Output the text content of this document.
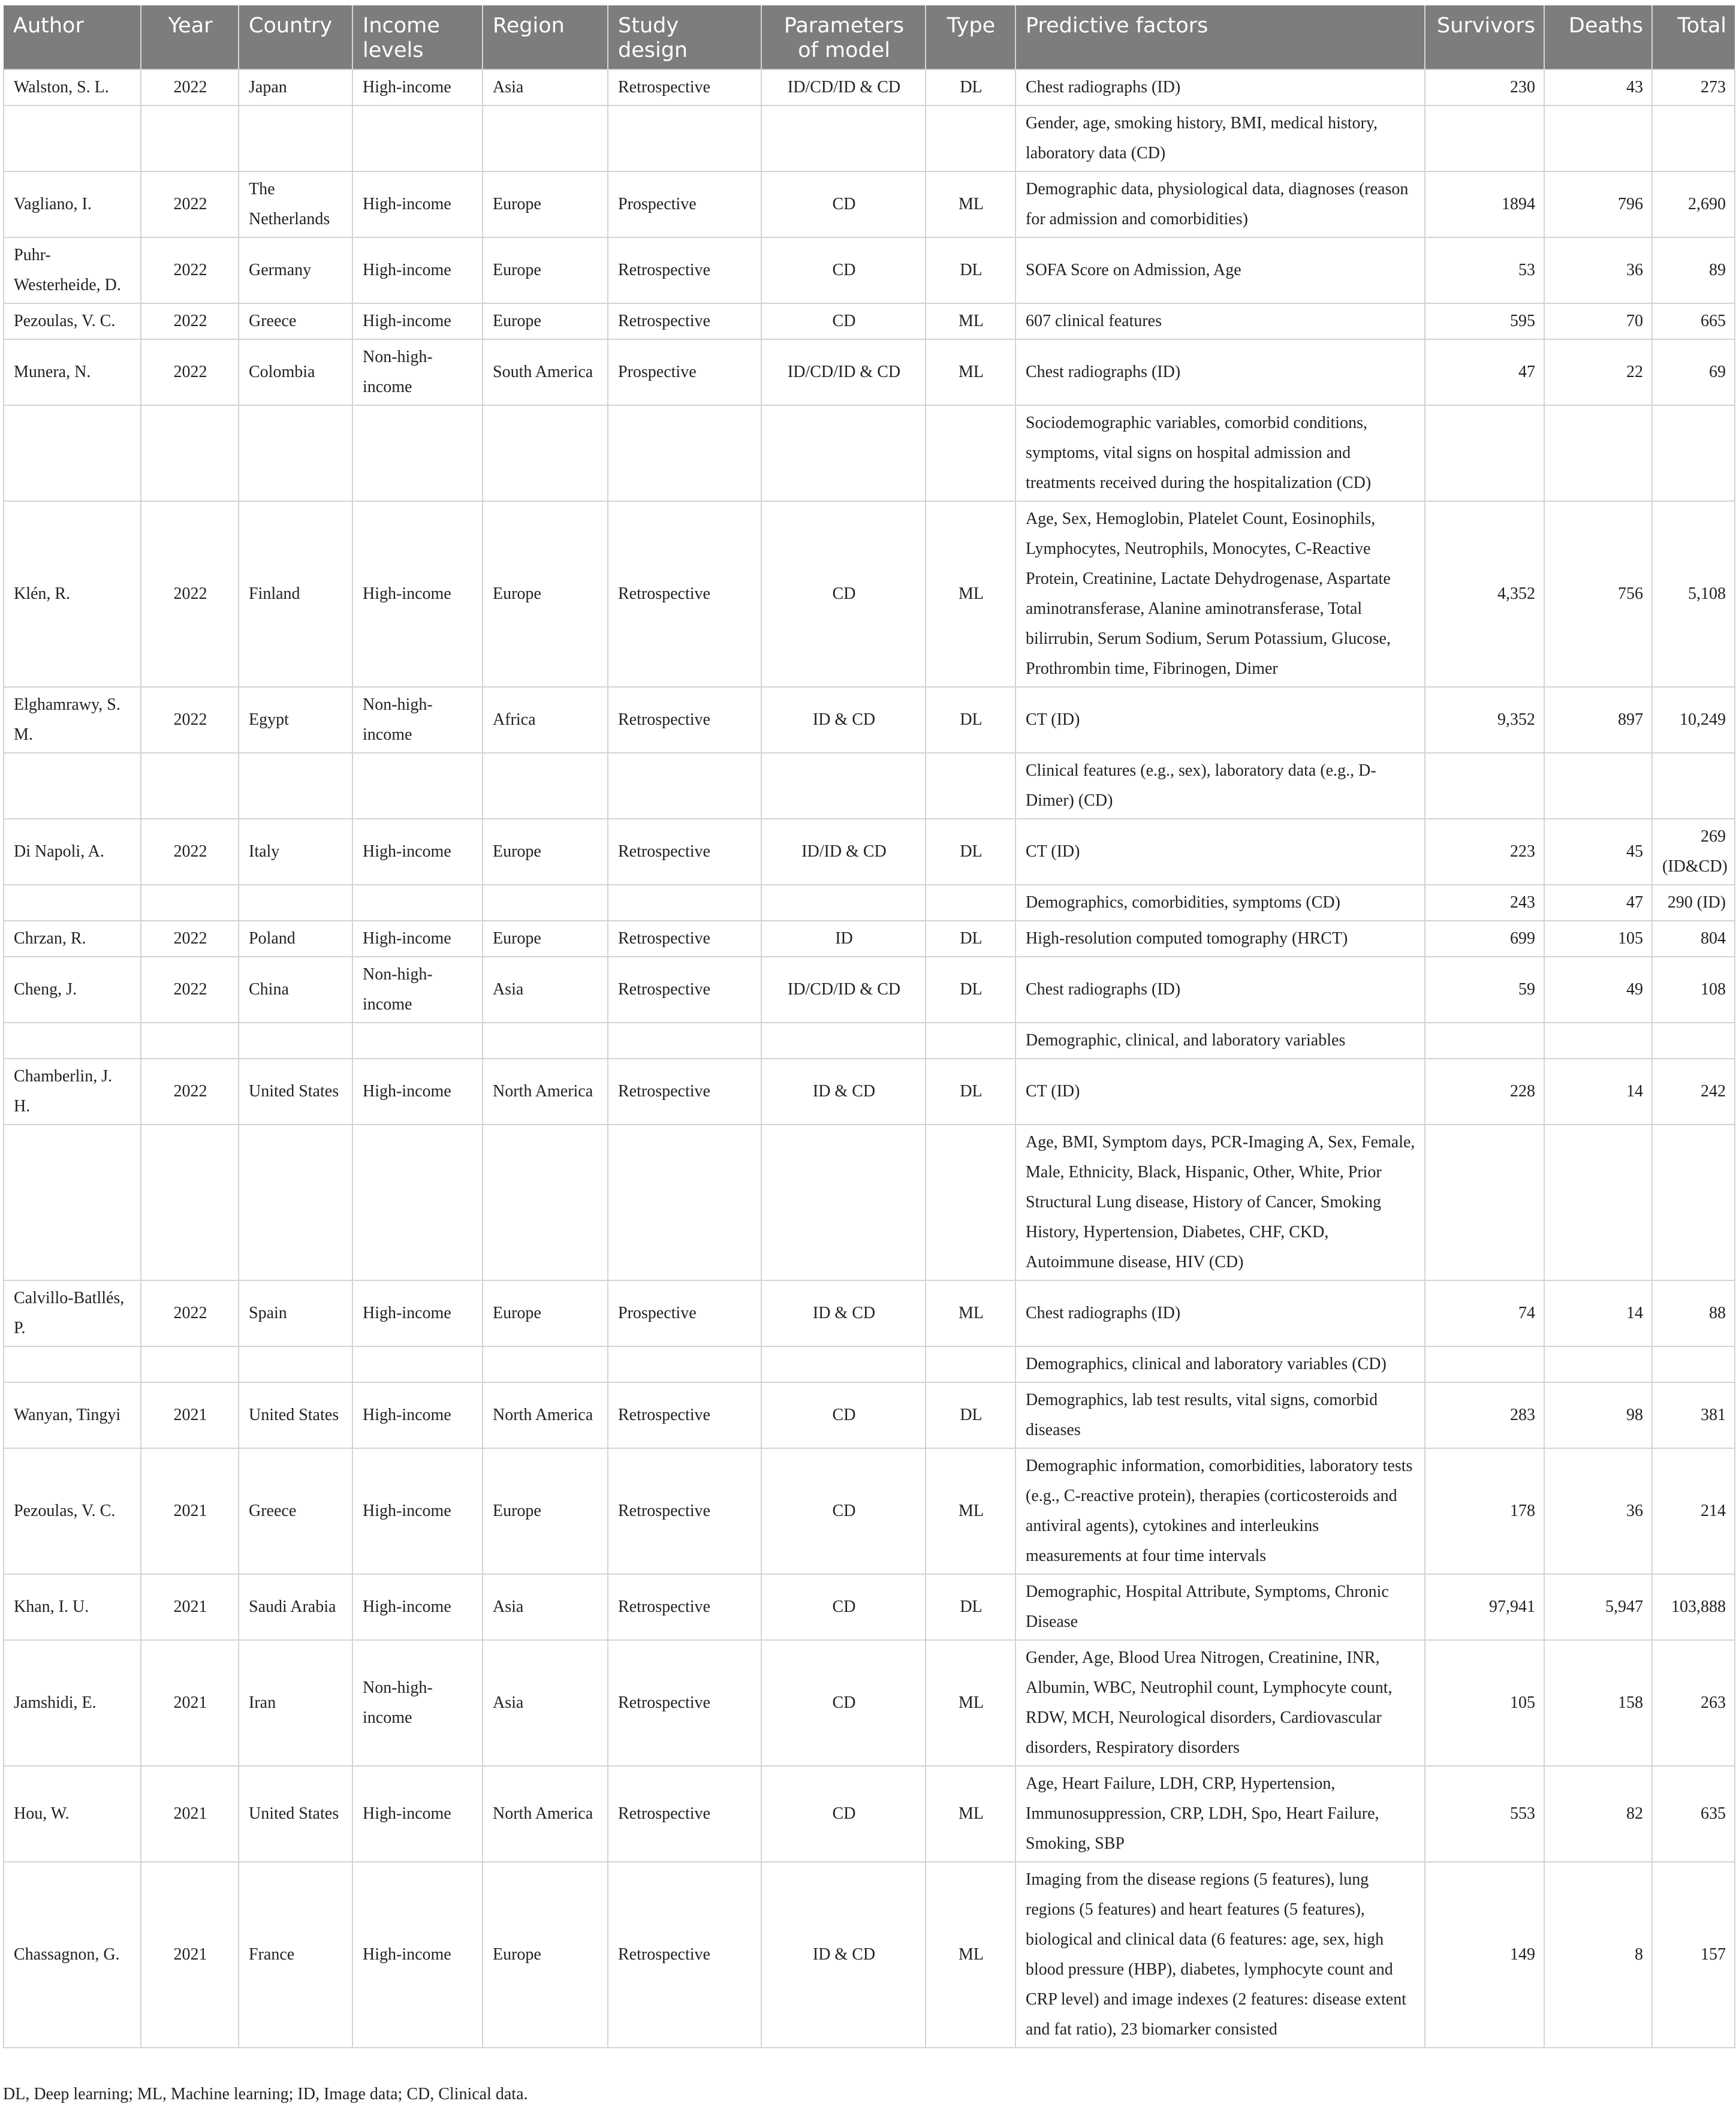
Author	Year	Country	Income levels	Region	Study design	Parameters of model	Type	Predictive factors	Survivors	Deaths	Total
Walston, S. L.	2022	Japan	High-income	Asia	Retrospective	ID/CD/ID & CD	DL	Chest radiographs (ID)	230	43	273
								Gender, age, smoking history, BMI, medical history, laboratory data (CD)			
Vagliano, I.	2022	The Netherlands	High-income	Europe	Prospective	CD	ML	Demographic data, physiological data, diagnoses (reason for admission and comorbidities)	1894	796	2,690
Puhr-Westerheide, D.	2022	Germany	High-income	Europe	Retrospective	CD	DL	SOFA Score on Admission, Age	53	36	89
Pezoulas, V. C.	2022	Greece	High-income	Europe	Retrospective	CD	ML	607 clinical features	595	70	665
Munera, N.	2022	Colombia	Non-high-income	South America	Prospective	ID/CD/ID & CD	ML	Chest radiographs (ID)	47	22	69
								Sociodemographic variables, comorbid conditions, symptoms, vital signs on hospital admission and treatments received during the hospitalization (CD)			
Klén, R.	2022	Finland	High-income	Europe	Retrospective	CD	ML	Age, Sex, Hemoglobin, Platelet Count, Eosinophils, Lymphocytes, Neutrophils, Monocytes, C-Reactive Protein, Creatinine, Lactate Dehydrogenase, Aspartate aminotransferase, Alanine aminotransferase, Total bilirrubin, Serum Sodium, Serum Potassium, Glucose, Prothrombin time, Fibrinogen, Dimer	4,352	756	5,108
Elghamrawy, S. M.	2022	Egypt	Non-high-income	Africa	Retrospective	ID & CD	DL	CT (ID)	9,352	897	10,249
								Clinical features (e.g., sex), laboratory data (e.g., D-Dimer) (CD)			
Di Napoli, A.	2022	Italy	High-income	Europe	Retrospective	ID/ID & CD	DL	CT (ID)	223	45	269 (ID&CD)
								Demographics, comorbidities, symptoms (CD)	243	47	290 (ID)
Chrzan, R.	2022	Poland	High-income	Europe	Retrospective	ID	DL	High-resolution computed tomography (HRCT)	699	105	804
Cheng, J.	2022	China	Non-high-income	Asia	Retrospective	ID/CD/ID & CD	DL	Chest radiographs (ID)	59	49	108
								Demographic, clinical, and laboratory variables			
Chamberlin, J. H.	2022	United States	High-income	North America	Retrospective	ID & CD	DL	CT (ID)	228	14	242
								Age, BMI, Symptom days, PCR-Imaging A, Sex, Female, Male, Ethnicity, Black, Hispanic, Other, White, Prior Structural Lung disease, History of Cancer, Smoking History, Hypertension, Diabetes, CHF, CKD, Autoimmune disease, HIV (CD)			
Calvillo-Batllés, P.	2022	Spain	High-income	Europe	Prospective	ID & CD	ML	Chest radiographs (ID)	74	14	88
								Demographics, clinical and laboratory variables (CD)			
Wanyan, Tingyi	2021	United States	High-income	North America	Retrospective	CD	DL	Demographics, lab test results, vital signs, comorbid diseases	283	98	381
Pezoulas, V. C.	2021	Greece	High-income	Europe	Retrospective	CD	ML	Demographic information, comorbidities, laboratory tests (e.g., C-reactive protein), therapies (corticosteroids and antiviral agents), cytokines and interleukins measurements at four time intervals	178	36	214
Khan, I. U.	2021	Saudi Arabia	High-income	Asia	Retrospective	CD	DL	Demographic, Hospital Attribute, Symptoms, Chronic Disease	97,941	5,947	103,888
Jamshidi, E.	2021	Iran	Non-high-income	Asia	Retrospective	CD	ML	Gender, Age, Blood Urea Nitrogen, Creatinine, INR, Albumin, WBC, Neutrophil count, Lymphocyte count, RDW, MCH, Neurological disorders, Cardiovascular disorders, Respiratory disorders	105	158	263
Hou, W.	2021	United States	High-income	North America	Retrospective	CD	ML	Age, Heart Failure, LDH, CRP, Hypertension, Immunosuppression, CRP, LDH, Spo, Heart Failure, Smoking, SBP	553	82	635
Chassagnon, G.	2021	France	High-income	Europe	Retrospective	ID & CD	ML	Imaging from the disease regions (5 features), lung regions (5 features) and heart features (5 features), biological and clinical data (6 features: age, sex, high blood pressure (HBP), diabetes, lymphocyte count and CRP level) and image indexes (2 features: disease extent and fat ratio), 23 biomarker consisted	149	8	157
DL, Deep learning; ML, Machine learning; ID, Image data; CD, Clinical data.
